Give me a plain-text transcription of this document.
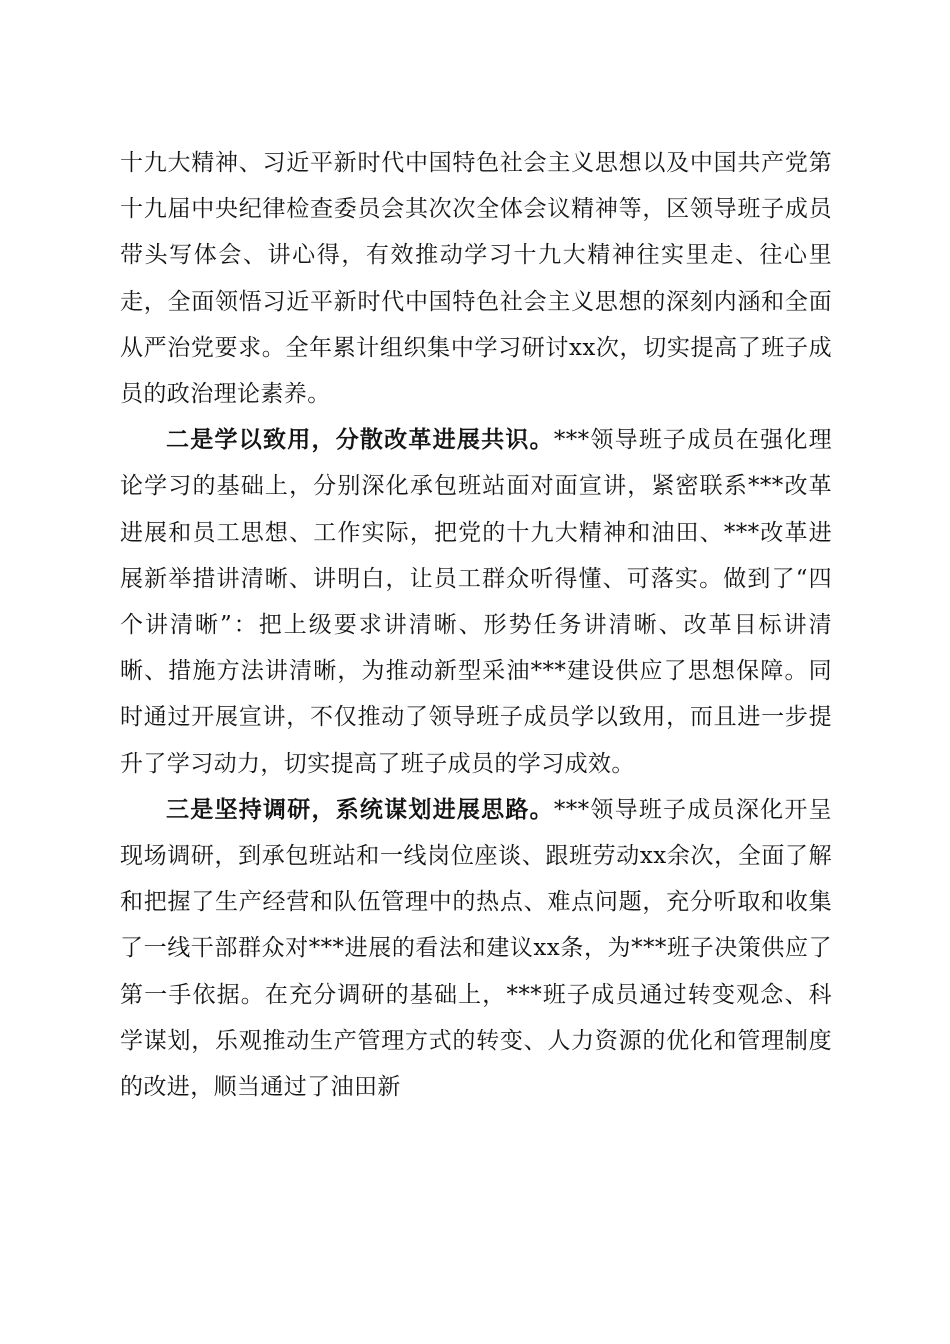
十九大精神、习近平新时代中国特色社会主义思想以及中国共产党第十九届中央纪律检查委员会其次次全体会议精神等，区领导班子成员带头写体会、讲心得，有效推动学习十九大精神往实里走、往心里走，全面领悟习近平新时代中国特色社会主义思想的深刻内涵和全面从严治党要求。全年累计组织集中学习研讨xx次，切实提高了班子成员的政治理论素养。

二是学以致用，分散改革进展共识。***领导班子成员在强化理论学习的基础上，分别深化承包班站面对面宣讲，紧密联系***改革进展和员工思想、工作实际，把党的十九大精神和油田、***改革进展新举措讲清晰、讲明白，让员工群众听得懂、可落实。做到了“四个讲清晰”：把上级要求讲清晰、形势任务讲清晰、改革目标讲清晰、措施方法讲清晰，为推动新型采油***建设供应了思想保障。同时通过开展宣讲，不仅推动了领导班子成员学以致用，而且进一步提升了学习动力，切实提高了班子成员的学习成效。

三是坚持调研，系统谋划进展思路。***领导班子成员深化开呈现场调研，到承包班站和一线岗位座谈、跟班劳动xx余次，全面了解和把握了生产经营和队伍管理中的热点、难点问题，充分听取和收集了一线干部群众对***进展的看法和建议xx条，为***班子决策供应了第一手依据。在充分调研的基础上，***班子成员通过转变观念、科学谋划，乐观推动生产管理方式的转变、人力资源的优化和管理制度的改进，顺当通过了油田新
